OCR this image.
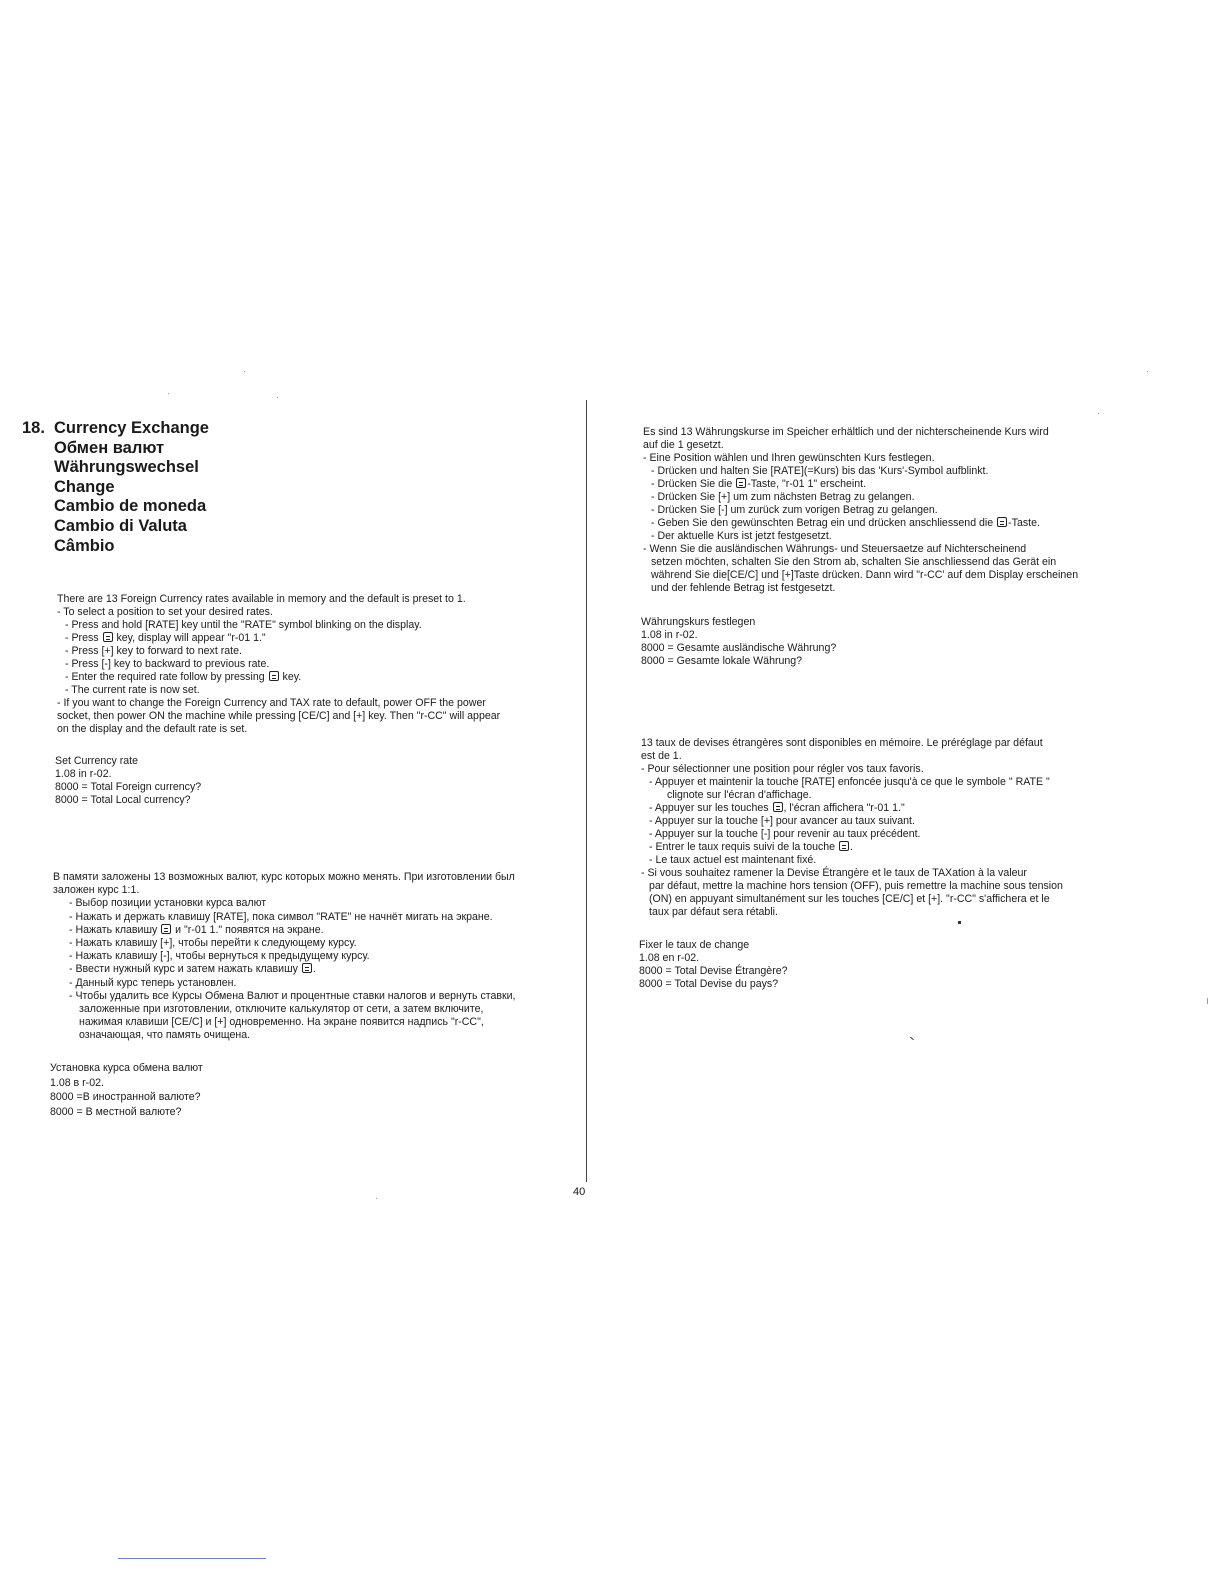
18. Currency Exchange
Обмен валют
Währungswechsel
Change
Cambio de moneda
Cambio di Valuta
Câmbio
There are 13 Foreign Currency rates available in memory and the default is preset to 1.
- To select a position to set your desired rates.
- Press and hold [RATE] key until the "RATE" symbol blinking on the display.
- Press key, display will appear "r-01 1."
- Press [+] key to forward to next rate.
- Press [-] key to backward to previous rate.
- Enter the required rate follow by pressing key.
- The current rate is now set.
- If you want to change the Foreign Currency and TAX rate to default, power OFF the power
socket, then power ON the machine while pressing [CE/C] and [+] key. Then "r-CC" will appear
on the display and the default rate is set.
Set Currency rate
1.08 in r-02.
8000 = Total Foreign currency?
8000 = Total Local currency?
В памяти заложены 13 возможных валют, курс которых можно менять. При изготовлении был
заложен курс 1:1.
- Выбор позиции установки курса валют
- Нажать и держать клавишу [RATE], пока символ "RATE" не начнёт мигать на экране.
- Нажать клавишу и "r-01 1." появятся на экране.
- Нажать клавишу [+], чтобы перейти к следующему курсу.
- Нажать клавишу [-], чтобы вернуться к предыдущему курсу.
- Ввести нужный курс и затем нажать клавишу .
- Данный курс теперь установлен.
- Чтобы удалить все Курсы Обмена Валют и процентные ставки налогов и вернуть ставки,
заложенные при изготовлении, отключите калькулятор от сети, а затем включите,
нажимая клавиши [CE/C] и [+] одновременно. На экране появится надпись "r-CC",
означающая, что память очищена.
Установка курса обмена валют
1.08 в r-02.
8000 =В иностранной валюте?
8000 = В местной валюте?
40
Es sind 13 Währungskurse im Speicher erhältlich und der nichterscheinende Kurs wird
auf die 1 gesetzt.
- Eine Position wählen und Ihren gewünschten Kurs festlegen.
- Drücken und halten Sie [RATE](=Kurs) bis das 'Kurs'-Symbol aufblinkt.
- Drücken Sie die -Taste, "r-01 1" erscheint.
- Drücken Sie [+] um zum nächsten Betrag zu gelangen.
- Drücken Sie [-] um zurück zum vorigen Betrag zu gelangen.
- Geben Sie den gewünschten Betrag ein und drücken anschliessend die -Taste.
- Der aktuelle Kurs ist jetzt festgesetzt.
- Wenn Sie die ausländischen Währungs- und Steuersaetze auf Nichterscheinend
setzen möchten, schalten Sie den Strom ab, schalten Sie anschliessend das Gerät ein
während Sie die[CE/C] und [+]Taste drücken. Dann wird "r-CC' auf dem Display erscheinen
und der fehlende Betrag ist festgesetzt.
Währungskurs festlegen
1.08 in r-02.
8000 = Gesamte ausländische Währung?
8000 = Gesamte lokale Währung?
13 taux de devises étrangères sont disponibles en mémoire. Le préréglage par défaut
est de 1.
- Pour sélectionner une position pour régler vos taux favoris.
- Appuyer et maintenir la touche [RATE] enfoncée jusqu'à ce que le symbole " RATE "
clignote sur l'écran d'affichage.
- Appuyer sur les touches , l'écran affichera "r-01 1."
- Appuyer sur la touche [+] pour avancer au taux suivant.
- Appuyer sur la touche [-] pour revenir au taux précédent.
- Entrer le taux requis suivi de la touche .
- Le taux actuel est maintenant fixé.
- Si vous souhaitez ramener la Devise Étrangère et le taux de TAXation à la valeur
par défaut, mettre la machine hors tension (OFF), puis remettre la machine sous tension
(ON) en appuyant simultanément sur les touches [CE/C] et [+]. "r-CC" s'affichera et le
taux par défaut sera rétabli.
Fixer le taux de change
1.08 en r-02.
8000 = Total Devise Étrangère?
8000 = Total Devise du pays?
